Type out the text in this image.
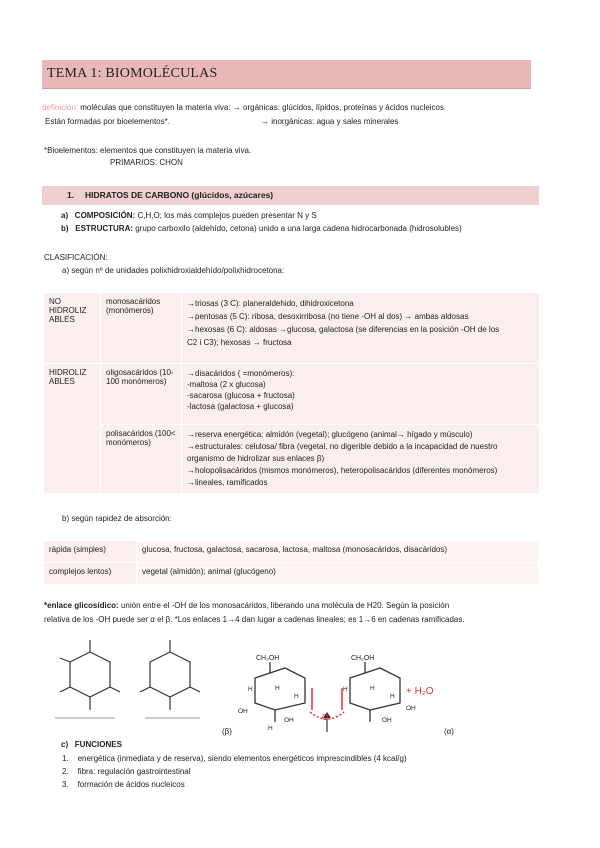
TEMA 1: BIOMOLÉCULAS
definición: moléculas que constituyen la materia viva: → orgánicas: glúcidos, lípidos, proteínas y ácidos nucleicos
Están formadas por bioelementos*.	→ inorgánicas: agua y sales minerales
*Bioelementos: elementos que constituyen la materia viva.
PRIMARIOS: CHON
1. HIDRATOS DE CARBONO (glúcidos, azúcares)
a) COMPOSICIÓN: C,H,O; los más complejos pueden presentar N y S
b) ESTRUCTURA: grupo carboxilo (aldehído, cetona) unido a una larga cadena hidrocarbonada (hidrosolubles)
CLASIFICACIÓN:
a) según nº de unidades polixhidroxialdehído/polixhidrocetona:
NO HIDROLIZ ABLES	monosacáridos (monómeros)	→triosas (3 C): planeraldehido, dihidroxicetona
→pentosas (5 C): ribosa, desoxirribosa (no tiene -OH al dos) → ambas aldosas
→hexosas (6 C): aldosas →glucosa, galactosa (se diferencias en la posición -OH de los
C2 i C3); hexosas → fructosa

HIDROLIZ ABLES	oligosacáridos (10-100 monómeros)	→disacáridos ( =monómeros):
-maltosa (2 x glucosa)
-sacarosa (glucosa + fructosa)
-lactosa (galactosa + glucosa)

	polisacáridos (100< monómeros)	→reserva energética: almidón (vegetal); glucógeno (animal→ hígado y músculo)
→estructurales: celulosa/ fibra (vegetal, no digerible debido a la incapacidad de nuestro
organismo de hidrolizar sus enlaces β)
→holopolisacáridos (mismos monómeros), heteropolisacáridos (diferentes monómeros)
→lineales, ramificados
b) según rapidez de absorción:
rápida (simples)	glucosa, fructosa, galactosa, sacarosa, lactosa, maltosa (monosacáridos, disacáridos)
complejos lentos)	vegetal (almidón); animal (glucógeno)
*enlace glicosídico: unión entre el -OH de los monosacáridos, liberando una molécula de H20. Según la posición
relativa de los -OH puede ser α el β. *Los enlaces 1→4 dan lugar a cadenas lineales; es 1→6 en cadenas ramificadas.
CH₂OH	CH₂OH
O
+ H₂O
H	H
H
OH
OH
H
H	H
H
OH
OH
(β)	(α)
c) FUNCIONES
1. energética (inmediata y de reserva), siendo elementos energéticos imprescindibles (4 kcal/g)
2. fibra: regulación gastrointestinal
3. formación de ácidos nucleicos
